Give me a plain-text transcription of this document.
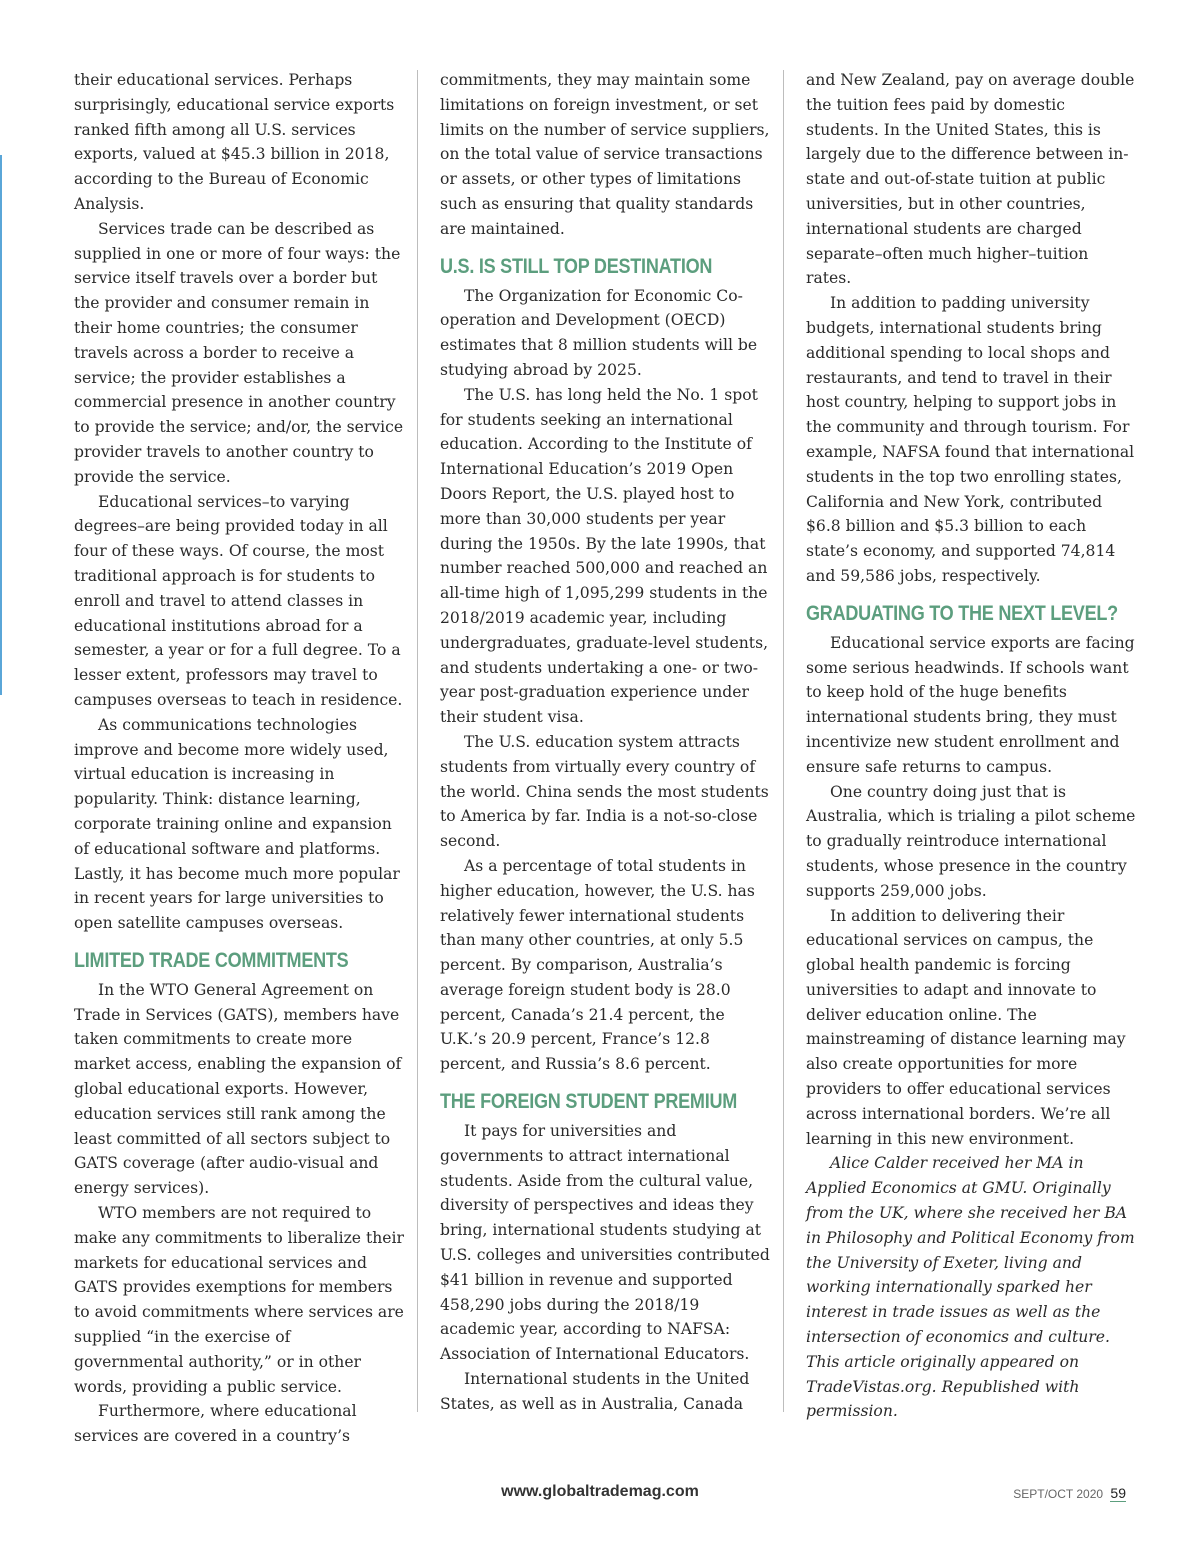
their educational services. Perhaps surprisingly, educational service exports ranked fifth among all U.S. services exports, valued at $45.3 billion in 2018, according to the Bureau of Economic Analysis.

Services trade can be described as supplied in one or more of four ways: the service itself travels over a border but the provider and consumer remain in their home countries; the consumer travels across a border to receive a service; the provider establishes a commercial presence in another country to provide the service; and/or, the service provider travels to another country to provide the service.

Educational services–to varying degrees–are being provided today in all four of these ways. Of course, the most traditional approach is for students to enroll and travel to attend classes in educational institutions abroad for a semester, a year or for a full degree. To a lesser extent, professors may travel to campuses overseas to teach in residence.

As communications technologies improve and become more widely used, virtual education is increasing in popularity. Think: distance learning, corporate training online and expansion of educational software and platforms. Lastly, it has become much more popular in recent years for large universities to open satellite campuses overseas.

LIMITED TRADE COMMITMENTS

In the WTO General Agreement on Trade in Services (GATS), members have taken commitments to create more market access, enabling the expansion of global educational exports. However, education services still rank among the least committed of all sectors subject to GATS coverage (after audio-visual and energy services).

WTO members are not required to make any commitments to liberalize their markets for educational services and GATS provides exemptions for members to avoid commitments where services are supplied “in the exercise of governmental authority,” or in other words, providing a public service.

Furthermore, where educational services are covered in a country’s

commitments, they may maintain some limitations on foreign investment, or set limits on the number of service suppliers, on the total value of service transactions or assets, or other types of limitations such as ensuring that quality standards are maintained.

U.S. IS STILL TOP DESTINATION

The Organization for Economic Co-operation and Development (OECD) estimates that 8 million students will be studying abroad by 2025.

The U.S. has long held the No. 1 spot for students seeking an international education. According to the Institute of International Education’s 2019 Open Doors Report, the U.S. played host to more than 30,000 students per year during the 1950s. By the late 1990s, that number reached 500,000 and reached an all-time high of 1,095,299 students in the 2018/2019 academic year, including undergraduates, graduate-level students, and students undertaking a one- or two-year post-graduation experience under their student visa.

The U.S. education system attracts students from virtually every country of the world. China sends the most students to America by far. India is a not-so-close second.

As a percentage of total students in higher education, however, the U.S. has relatively fewer international students than many other countries, at only 5.5 percent. By comparison, Australia’s average foreign student body is 28.0 percent, Canada’s 21.4 percent, the U.K.’s 20.9 percent, France’s 12.8 percent, and Russia’s 8.6 percent.

THE FOREIGN STUDENT PREMIUM

It pays for universities and governments to attract international students. Aside from the cultural value, diversity of perspectives and ideas they bring, international students studying at U.S. colleges and universities contributed $41 billion in revenue and supported 458,290 jobs during the 2018/19 academic year, according to NAFSA: Association of International Educators.

International students in the United States, as well as in Australia, Canada

and New Zealand, pay on average double the tuition fees paid by domestic students. In the United States, this is largely due to the difference between in-state and out-of-state tuition at public universities, but in other countries, international students are charged separate–often much higher–tuition rates.

In addition to padding university budgets, international students bring additional spending to local shops and restaurants, and tend to travel in their host country, helping to support jobs in the community and through tourism. For example, NAFSA found that international students in the top two enrolling states, California and New York, contributed $6.8 billion and $5.3 billion to each state’s economy, and supported 74,814 and 59,586 jobs, respectively.

GRADUATING TO THE NEXT LEVEL?

Educational service exports are facing some serious headwinds. If schools want to keep hold of the huge benefits international students bring, they must incentivize new student enrollment and ensure safe returns to campus.

One country doing just that is Australia, which is trialing a pilot scheme to gradually reintroduce international students, whose presence in the country supports 259,000 jobs.

In addition to delivering their educational services on campus, the global health pandemic is forcing universities to adapt and innovate to deliver education online. The mainstreaming of distance learning may also create opportunities for more providers to offer educational services across international borders. We’re all learning in this new environment.

Alice Calder received her MA in Applied Economics at GMU. Originally from the UK, where she received her BA in Philosophy and Political Economy from the University of Exeter, living and working internationally sparked her interest in trade issues as well as the intersection of economics and culture. This article originally appeared on TradeVistas.org. Republished with permission.

www.globaltrademag.com	SEPT/OCT 2020 59
